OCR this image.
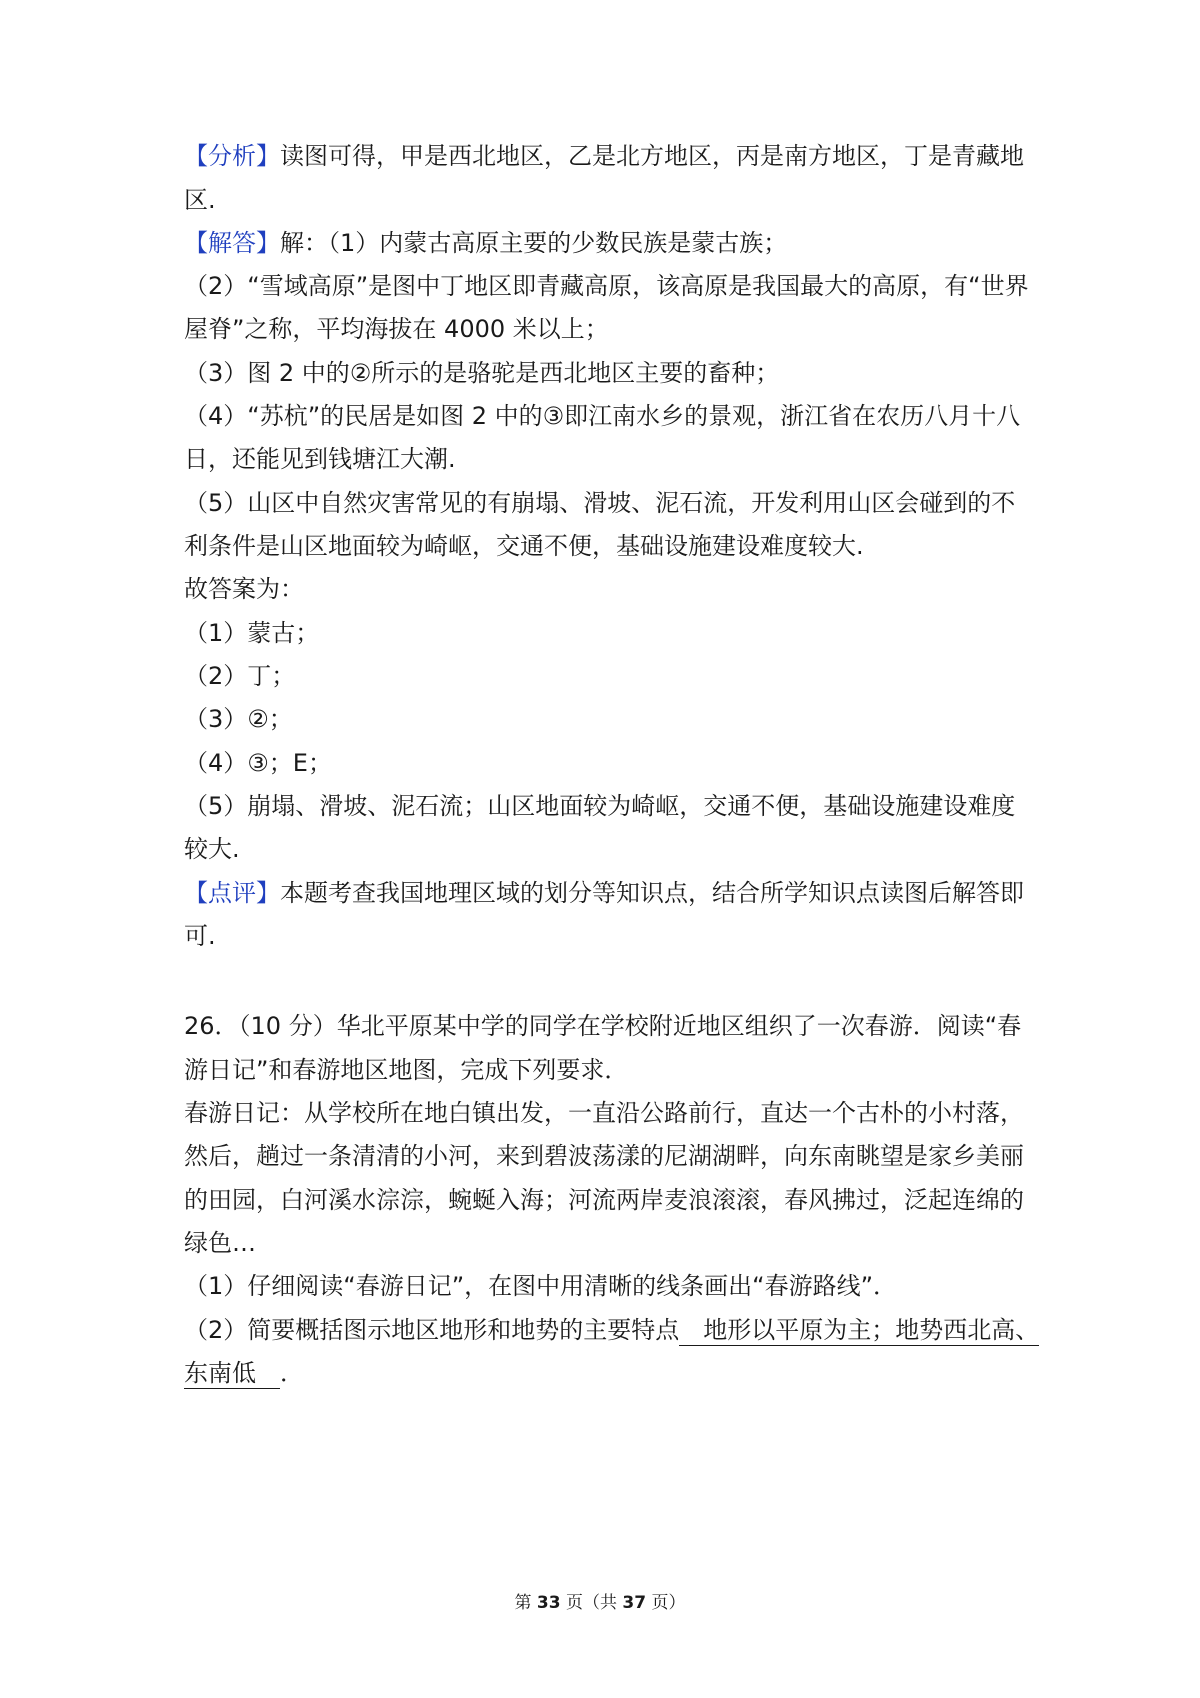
【分析】读图可得，甲是西北地区，乙是北方地区，丙是南方地区，丁是青藏地
区.
【解答】解：（1）内蒙古高原主要的少数民族是蒙古族；
（2）“雪域高原”是图中丁地区即青藏高原，该高原是我国最大的高原，有“世界
屋脊”之称，平均海拔在 4000 米以上；
（3）图 2 中的②所示的是骆驼是西北地区主要的畜种；
（4）“苏杭”的民居是如图 2 中的③即江南水乡的景观，浙江省在农历八月十八
日，还能见到钱塘江大潮.
（5）山区中自然灾害常见的有崩塌、滑坡、泥石流，开发利用山区会碰到的不
利条件是山区地面较为崎岖，交通不便，基础设施建设难度较大.
故答案为：
（1）蒙古；
（2）丁；
（3）②；
（4）③；E；
（5）崩塌、滑坡、泥石流；山区地面较为崎岖，交通不便，基础设施建设难度
较大.
【点评】本题考查我国地理区域的划分等知识点，结合所学知识点读图后解答即
可.
26．（10 分）华北平原某中学的同学在学校附近地区组织了一次春游．阅读“春
游日记”和春游地区地图，完成下列要求．
春游日记：从学校所在地白镇出发，一直沿公路前行，直达一个古朴的小村落，
然后，趟过一条清清的小河，来到碧波荡漾的尼湖湖畔，向东南眺望是家乡美丽
的田园，白河溪水淙淙，蜿蜒入海；河流两岸麦浪滚滚，春风拂过，泛起连绵的
绿色…
（1）仔细阅读“春游日记”，在图中用清晰的线条画出“春游路线”．
（2）简要概括图示地区地形和地势的主要特点　地形以平原为主；地势西北高、
东南低　．
第 33 页（共 37 页）
